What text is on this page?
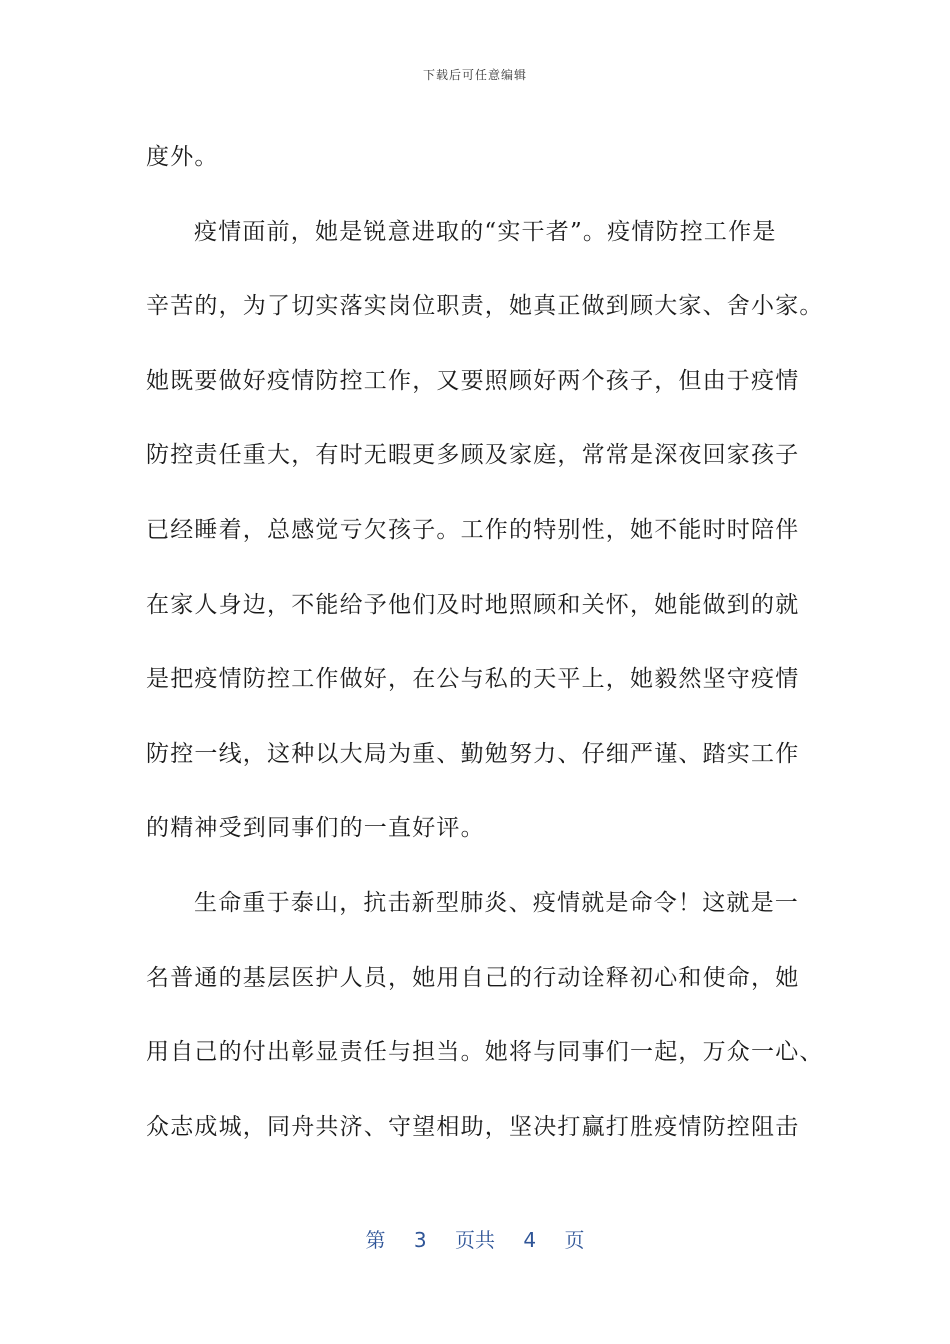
下载后可任意编辑
度外。
疫情面前，她是锐意进取的“实干者”。疫情防控工作是
辛苦的，为了切实落实岗位职责，她真正做到顾大家、舍小家。
她既要做好疫情防控工作，又要照顾好两个孩子，但由于疫情
防控责任重大，有时无暇更多顾及家庭，常常是深夜回家孩子
已经睡着，总感觉亏欠孩子。工作的特别性，她不能时时陪伴
在家人身边，不能给予他们及时地照顾和关怀，她能做到的就
是把疫情防控工作做好，在公与私的天平上，她毅然坚守疫情
防控一线，这种以大局为重、勤勉努力、仔细严谨、踏实工作
的精神受到同事们的一直好评。
生命重于泰山，抗击新型肺炎、疫情就是命令！这就是一
名普通的基层医护人员，她用自己的行动诠释初心和使命，她
用自己的付出彰显责任与担当。她将与同事们一起，万众一心、
众志成城，同舟共济、守望相助，坚决打赢打胜疫情防控阻击
第 3 页共 4 页
